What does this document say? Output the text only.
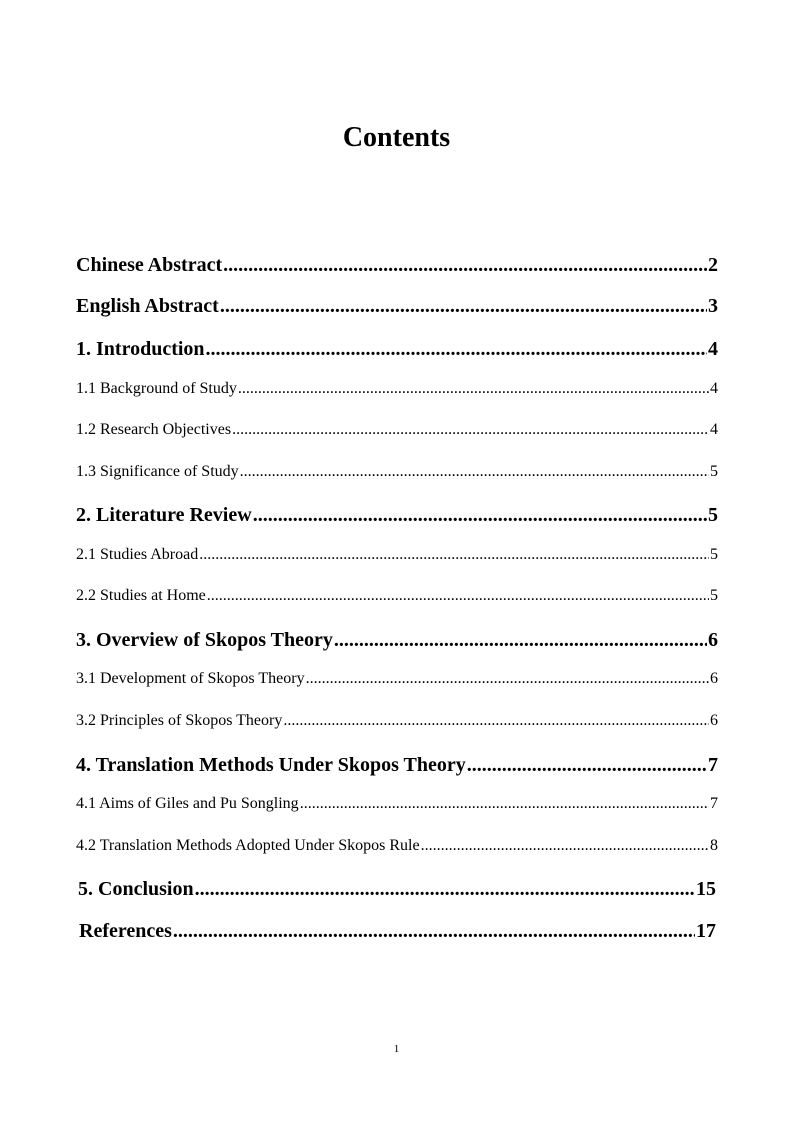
Contents
Chinese Abstract .....	2
English Abstract .....	3
1. Introduction .....	4
1.1 Background of Study .....	4
1.2 Research Objectives .....	4
1.3 Significance of Study .....	5
2. Literature Review .....	5
2.1 Studies Abroad .....	5
2.2 Studies at Home .....	5
3. Overview of Skopos Theory .....	6
3.1 Development of Skopos Theory .....	6
3.2 Principles of Skopos Theory .....	6
4. Translation Methods Under Skopos Theory .....	7
4.1 Aims of Giles and Pu Songling .....	7
4.2 Translation Methods Adopted Under Skopos Rule .....	8
5. Conclusion .....	15
References .....	17
1
